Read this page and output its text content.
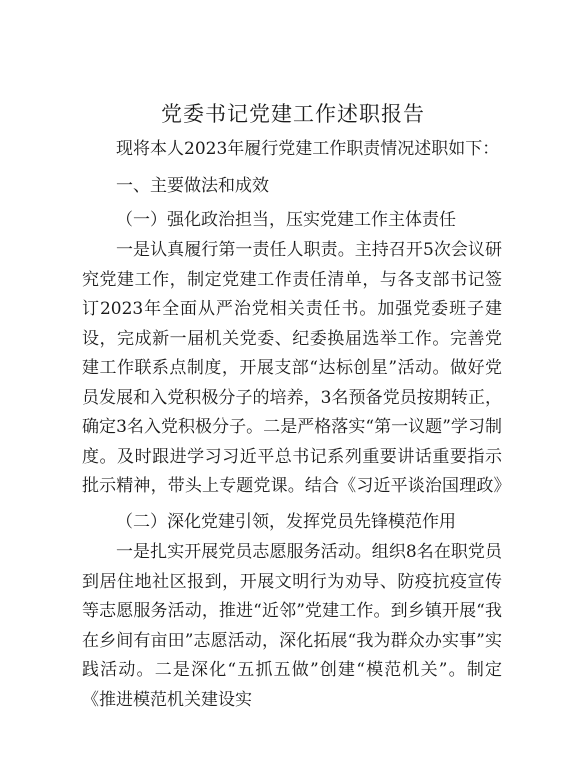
党委书记党建工作述职报告
现将本人2023年履行党建工作职责情况述职如下：
一、主要做法和成效
（一）强化政治担当，压实党建工作主体责任
一是认真履行第一责任人职责。主持召开5次会议研究党建工作，制定党建工作责任清单，与各支部书记签订2023年全面从严治党相关责任书。加强党委班子建设，完成新一届机关党委、纪委换届选举工作。完善党建工作联系点制度，开展支部“达标创星”活动。做好党员发展和入党积极分子的培养，3名预备党员按期转正，确定3名入党积极分子。二是严格落实“第一议题”学习制度。及时跟进学习习近平总书记系列重要讲话重要指示批示精神，带头上专题党课。结合《习近平谈治国理政》
（二）深化党建引领，发挥党员先锋模范作用
一是扎实开展党员志愿服务活动。组织8名在职党员到居住地社区报到，开展文明行为劝导、防疫抗疫宣传等志愿服务活动，推进“近邻”党建工作。到乡镇开展“我在乡间有亩田”志愿活动，深化拓展“我为群众办实事”实践活动。二是深化“五抓五做”创建“模范机关”。制定《推进模范机关建设实
